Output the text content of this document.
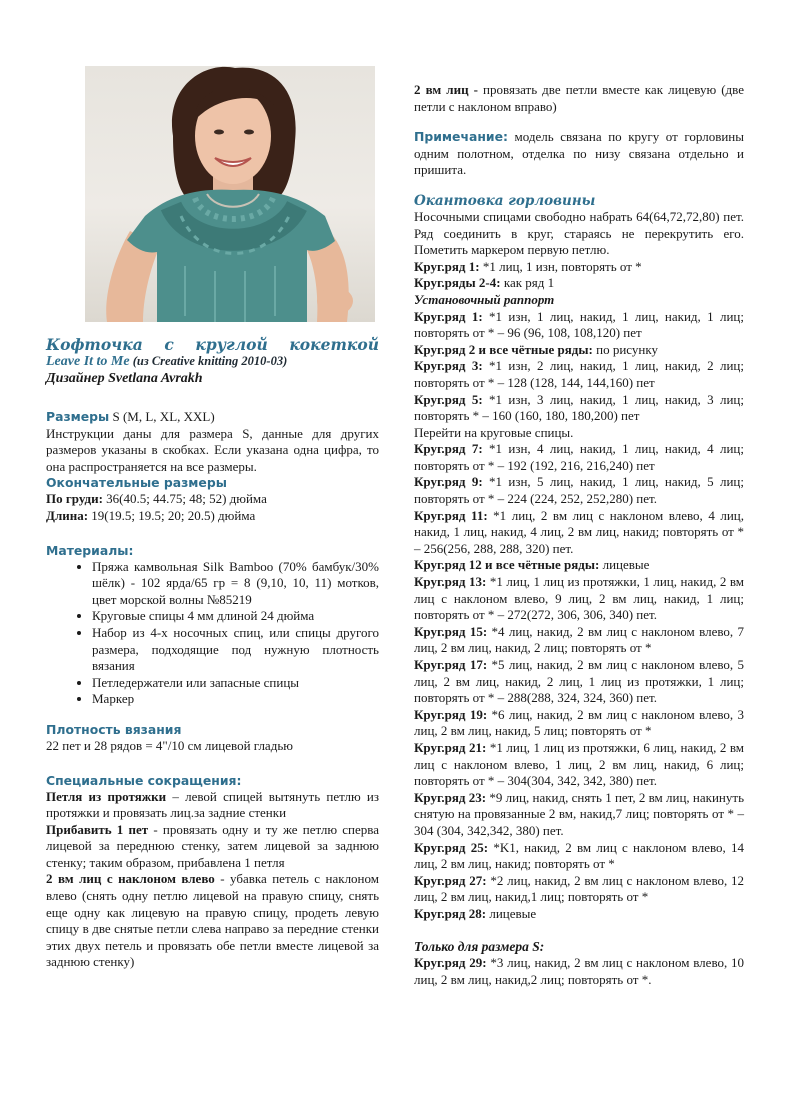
Кофточка с круглой кокеткой

Leave It to Me (из Creative knitting 2010-03)

Дизайнер Svetlana Avrakh

Размеры S (M, L, XL, XXL)

Инструкции даны для размера S, данные для других размеров указаны в скобках. Если указана одна цифра, то она распространяется на все размеры.

Окончательные размеры

По груди: 36(40.5; 44.75; 48; 52) дюйма

Длина: 19(19.5; 19.5; 20; 20.5) дюйма

Материалы:

• Пряжа камвольная Silk Bamboo (70% бамбук/30% шёлк) - 102 ярда/65 гр = 8 (9,10, 10, 11) мотков, цвет морской волны №85219
• Круговые спицы 4 мм длиной 24 дюйма
• Набор из 4-х носочных спиц, или спицы другого размера, подходящие под нужную плотность вязания
• Петледержатели или запасные спицы
• Маркер

Плотность вязания

22 пет и 28 рядов = 4"/10 см лицевой гладью

Специальные сокращения:

Петля из протяжки – левой спицей вытянуть петлю из протяжки и провязать лиц.за задние стенки

Прибавить 1 пет - провязать одну и ту же петлю сперва лицевой за переднюю стенку, затем лицевой за заднюю стенку; таким образом, прибавлена 1 петля

2 вм лиц с наклоном влево - убавка петель с наклоном влево (снять одну петлю лицевой на правую спицу, снять еще одну как лицевую на правую спицу, продеть левую спицу в две снятые петли слева направо за передние стенки этих двух петель и провязать обе петли вместе лицевой за заднюю стенку)

2 вм лиц - провязать две петли вместе как лицевую (две петли с наклоном вправо)

Примечание: модель связана по кругу от горловины одним полотном, отделка по низу связана отдельно и пришита.

Окантовка горловины

Носочными спицами свободно набрать 64(64,72,72,80) пет. Ряд соединить в круг, стараясь не перекрутить его. Пометить маркером первую петлю.

Круг.ряд 1: *1 лиц, 1 изн, повторять от *

Круг.ряды 2-4: как ряд 1

Установочный раппорт

Круг.ряд 1: *1 изн, 1 лиц, накид, 1 лиц, накид, 1 лиц; повторять от * – 96 (96, 108, 108,120) пет

Круг.ряд 2 и все чётные ряды: по рисунку

Круг.ряд 3: *1 изн, 2 лиц, накид, 1 лиц, накид, 2 лиц; повторять от * – 128 (128, 144, 144,160) пет

Круг.ряд 5: *1 изн, 3 лиц, накид, 1 лиц, накид, 3 лиц; повторять * – 160 (160, 180, 180,200) пет

Перейти на круговые спицы.

Круг.ряд 7: *1 изн, 4 лиц, накид, 1 лиц, накид, 4 лиц; повторять от * – 192 (192, 216, 216,240) пет

Круг.ряд 9: *1 изн, 5 лиц, накид, 1 лиц, накид, 5 лиц; повторять от * – 224 (224, 252, 252,280) пет.

Круг.ряд 11: *1 лиц, 2 вм лиц с наклоном влево, 4 лиц, накид, 1 лиц, накид, 4 лиц, 2 вм лиц, накид; повторять от * – 256(256, 288, 288, 320) пет.

Круг.ряд 12 и все чётные ряды: лицевые

Круг.ряд 13: *1 лиц, 1 лиц из протяжки, 1 лиц, накид, 2 вм лиц с наклоном влево, 9 лиц, 2 вм лиц, накид, 1 лиц; повторять от * – 272(272, 306, 306, 340) пет.

Круг.ряд 15: *4 лиц, накид, 2 вм лиц с наклоном влево, 7 лиц, 2 вм лиц, накид, 2 лиц; повторять от *

Круг.ряд 17: *5 лиц, накид, 2 вм лиц с наклоном влево, 5 лиц, 2 вм лиц, накид, 2 лиц, 1 лиц из протяжки, 1 лиц; повторять от * – 288(288, 324, 324, 360) пет.

Круг.ряд 19: *6 лиц, накид, 2 вм лиц с наклоном влево, 3 лиц, 2 вм лиц, накид, 5 лиц; повторять от *

Круг.ряд 21: *1 лиц, 1 лиц из протяжки, 6 лиц, накид, 2 вм лиц с наклоном влево, 1 лиц, 2 вм лиц, накид, 6 лиц; повторять от * – 304(304, 342, 342, 380) пет.

Круг.ряд 23: *9 лиц, накид, снять 1 пет, 2 вм лиц, накинуть снятую на провязанные 2 вм, накид,7 лиц; повторять от * – 304 (304, 342,342, 380) пет.

Круг.ряд 25: *K1, накид, 2 вм лиц с наклоном влево, 14 лиц, 2 вм лиц, накид; повторять от *

Круг.ряд 27: *2 лиц, накид, 2 вм лиц с наклоном влево, 12 лиц, 2 вм лиц, накид,1 лиц; повторять от *

Круг.ряд 28: лицевые

Только для размера S:

Круг.ряд 29: *3 лиц, накид, 2 вм лиц с наклоном влево, 10 лиц, 2 вм лиц, накид,2 лиц; повторять от *.
